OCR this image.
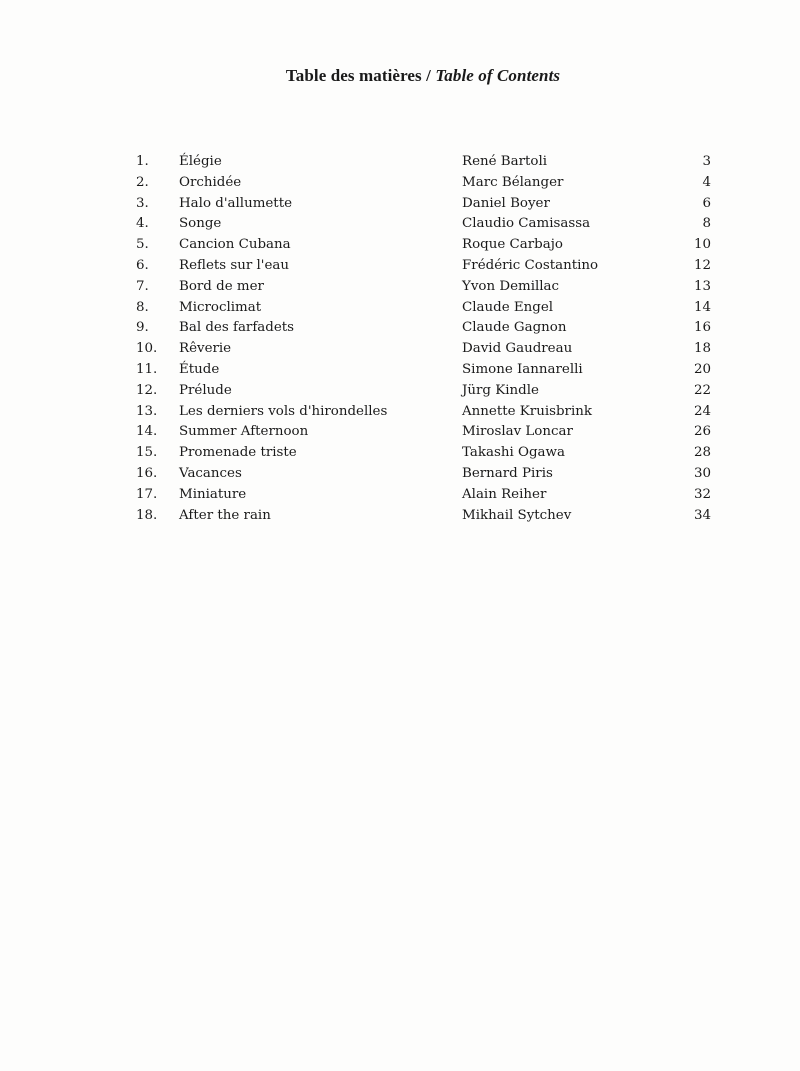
Table des matières / Table of Contents
1. Élégie	René Bartoli	3
2. Orchidée	Marc Bélanger	4
3. Halo d'allumette	Daniel Boyer	6
4. Songe	Claudio Camisassa	8
5. Cancion Cubana	Roque Carbajo	10
6. Reflets sur l'eau	Frédéric Costantino	12
7. Bord de mer	Yvon Demillac	13
8. Microclimat	Claude Engel	14
9. Bal des farfadets	Claude Gagnon	16
10. Rêverie	David Gaudreau	18
11. Étude	Simone Iannarelli	20
12. Prélude	Jürg Kindle	22
13. Les derniers vols d'hirondelles	Annette Kruisbrink	24
14. Summer Afternoon	Miroslav Loncar	26
15. Promenade triste	Takashi Ogawa	28
16. Vacances	Bernard Piris	30
17. Miniature	Alain Reiher	32
18. After the rain	Mikhail Sytchev	34
